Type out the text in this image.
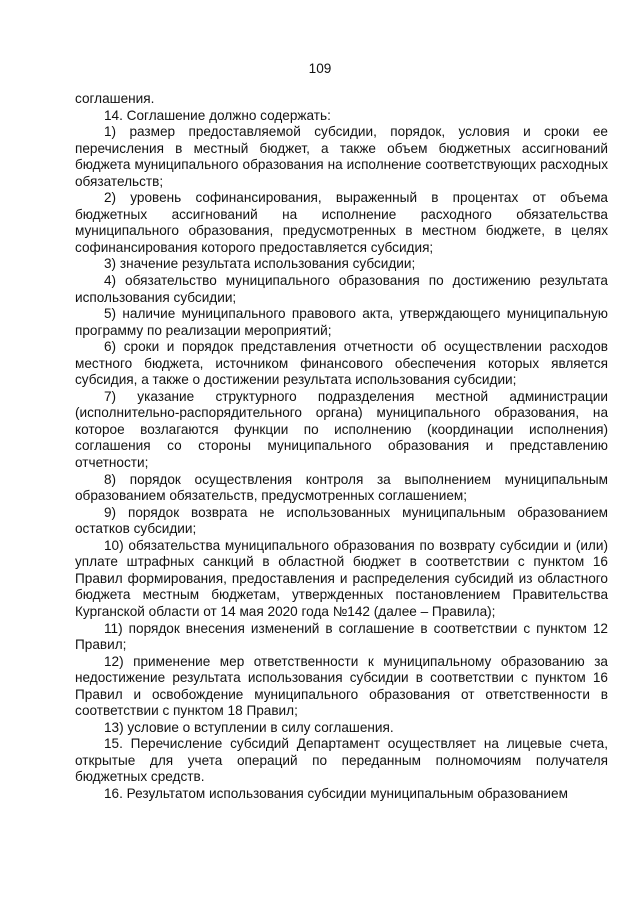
109

соглашения.

14. Соглашение должно содержать:

1) размер предоставляемой субсидии, порядок, условия и сроки ее перечисления в местный бюджет, а также объем бюджетных ассигнований бюджета муниципального образования на исполнение соответствующих расходных обязательств;

2) уровень софинансирования, выраженный в процентах от объема бюджетных ассигнований на исполнение расходного обязательства муниципального образования, предусмотренных в местном бюджете, в целях софинансирования которого предоставляется субсидия;

3) значение результата использования субсидии;

4) обязательство муниципального образования по достижению результата использования субсидии;

5) наличие муниципального правового акта, утверждающего муниципальную программу по реализации мероприятий;

6) сроки и порядок представления отчетности об осуществлении расходов местного бюджета, источником финансового обеспечения которых является субсидия, а также о достижении результата использования субсидии;

7) указание структурного подразделения местной администрации (исполнительно-распорядительного органа) муниципального образования, на которое возлагаются функции по исполнению (координации исполнения) соглашения со стороны муниципального образования и представлению отчетности;

8) порядок осуществления контроля за выполнением муниципальным образованием обязательств, предусмотренных соглашением;

9) порядок возврата не использованных муниципальным образованием остатков субсидии;

10) обязательства муниципального образования по возврату субсидии и (или) уплате штрафных санкций в областной бюджет в соответствии с пунктом 16 Правил формирования, предоставления и распределения субсидий из областного бюджета местным бюджетам, утвержденных постановлением Правительства Курганской области от 14 мая 2020 года №142 (далее – Правила);

11) порядок внесения изменений в соглашение в соответствии с пунктом 12 Правил;

12) применение мер ответственности к муниципальному образованию за недостижение результата использования субсидии в соответствии с пунктом 16 Правил и освобождение муниципального образования от ответственности в соответствии с пунктом 18 Правил;

13) условие о вступлении в силу соглашения.

15. Перечисление субсидий Департамент осуществляет на лицевые счета, открытые для учета операций по переданным полномочиям получателя бюджетных средств.

16. Результатом использования субсидии муниципальным образованием
